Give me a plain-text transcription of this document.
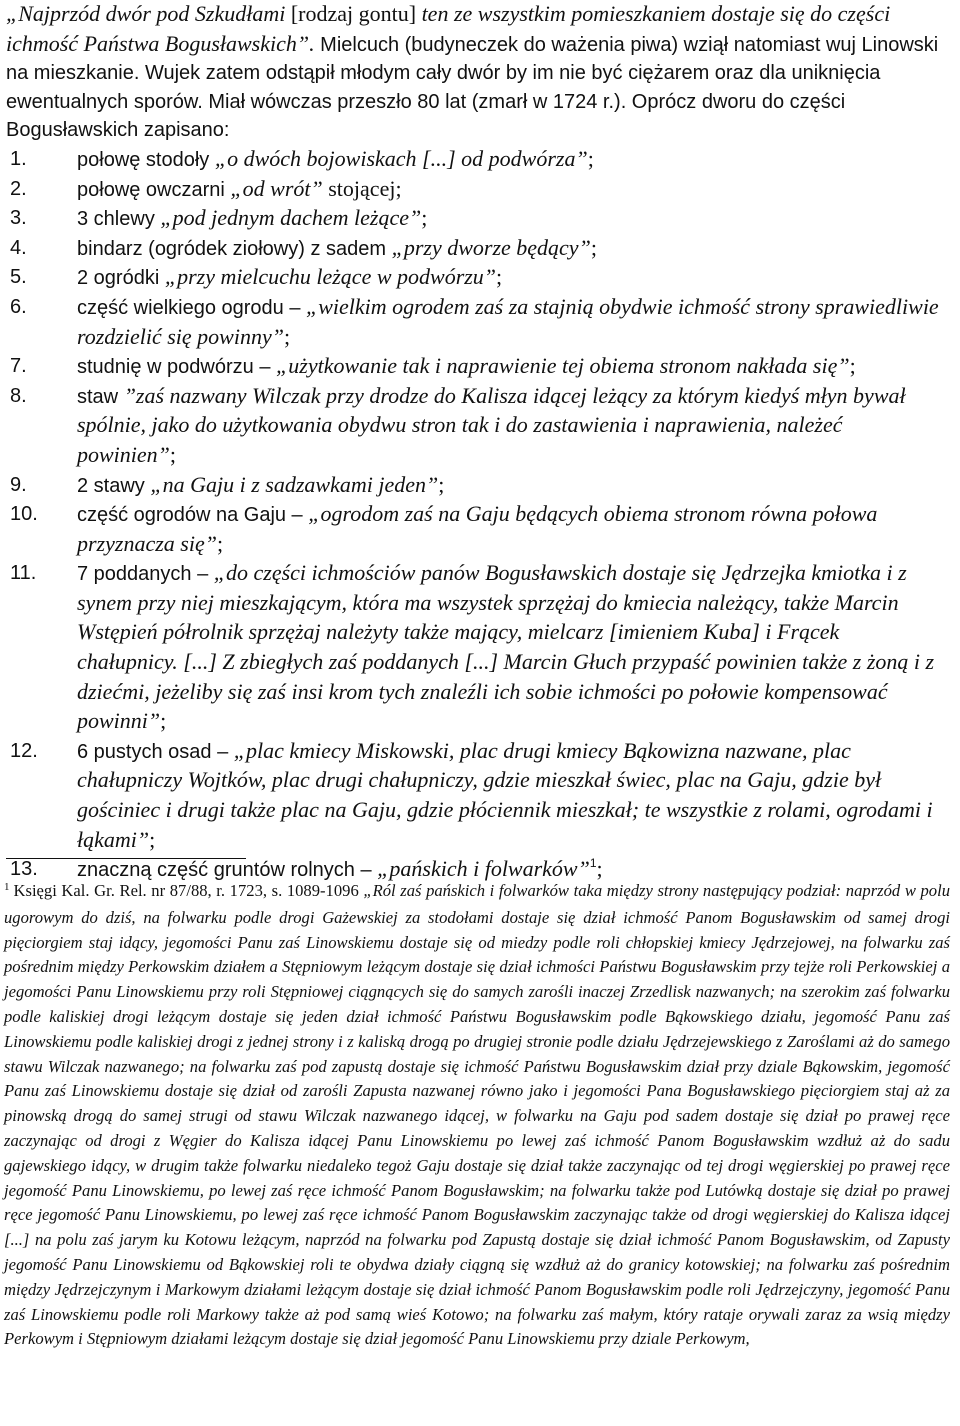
„Najprzód dwór pod Szkudłami [rodzaj gontu] ten ze wszystkim pomieszkaniem dostaje się do części ichmość Państwa Bogusławskich”. Mielcuch (budyneczek do ważenia piwa) wziął natomiast wuj Linowski na mieszkanie. Wujek zatem odstąpił młodym cały dwór by im nie być ciężarem oraz dla uniknięcia ewentualnych sporów. Miał wówczas przeszło 80 lat (zmarł w 1724 r.). Oprócz dworu do części Bogusławskich zapisano:

1.	połowę stodoły „o dwóch bojowiskach [...] od podwórza”;
2.	połowę owczarni „od wrót” stojącej;
3.	3 chlewy „pod jednym dachem leżące”;
4.	bindarz (ogródek ziołowy) z sadem „przy dworze będący”;
5.	2 ogródki „przy mielcuchu leżące w podwórzu”;
6.	część wielkiego ogrodu – „wielkim ogrodem zaś za stajnią obydwie ichmość strony sprawiedliwie rozdzielić się powinny”;
7.	studnię w podwórzu – „użytkowanie tak i naprawienie tej obiema stronom nakłada się”;
8.	staw ”zaś nazwany Wilczak przy drodze do Kalisza idącej leżący za którym kiedyś młyn bywał spólnie, jako do użytkowania obydwu stron tak i do zastawienia i naprawienia, należeć powinien”;
9.	2 stawy „na Gaju i z sadzawkami jeden”;
10. część ogrodów na Gaju – „ogrodom zaś na Gaju będących obiema stronom równa połowa przyznacza się”;
11. 7 poddanych – „do części ichmościów panów Bogusławskich dostaje się Jędrzejka kmiotka i z synem przy niej mieszkającym, która ma wszystek sprzężaj do kmiecia należący, także Marcin Wstępień półrolnik sprzężaj należyty także mający, mielcarz [imieniem Kuba] i Frącek chałupnicy. [...] Z zbiegłych zaś poddanych [...] Marcin Głuch przypaść powinien także z żoną i z dziećmi, jeżeliby się zaś insi krom tych znaleźli ich sobie ichmości po połowie kompensować powinni”;
12. 6 pustych osad – „plac kmiecy Miskowski, plac drugi kmiecy Bąkowizna nazwane, plac chałupniczy Wojtków, plac drugi chałupniczy, gdzie mieszkał świec, plac na Gaju, gdzie był gościniec i drugi także plac na Gaju, gdzie płóciennik mieszkał; te wszystkie z rolami, ogrodami i łąkami”;
13. znaczną część gruntów rolnych – „pańskich i folwarków”$^1$;

$^1$ Księgi Kal. Gr. Rel. nr 87/88, r. 1723, s. 1089-1096 „Ról zaś pańskich i folwarków taka między strony następujący podział: naprzód w polu ugorowym do dziś, na folwarku podle drogi Gażewskiej za stodołami dostaje się dział ichmość Panom Bogusławskim od samej drogi pięciorgiem staj idący, jegomości Panu zaś Linowskiemu dostaje się od miedzy podle roli chłopskiej kmiecy Jędrzejowej, na folwarku zaś pośrednim między Perkowskim działem a Stępniowym leżącym dostaje się dział ichmości Państwu Bogusławskim przy tejże roli Perkowskiej a jegomości Panu Linowskiemu przy roli Stępniowej ciągnących się do samych zarośli inaczej Zrzedlisk nazwanych; na szerokim zaś folwarku podle kaliskiej drogi leżącym dostaje się jeden dział ichmość Państwu Bogusławskim podle Bąkowskiego działu, jegomość Panu zaś Linowskiemu podle kaliskiej drogi z jednej strony i z kaliską drogą po drugiej stronie podle działu Jędrzejewskiego z Zaroślami aż do samego stawu Wilczak nazwanego; na folwarku zaś pod zapustą dostaje się ichmość Państwu Bogusławskim dział przy dziale Bąkowskim, jegomość Panu zaś Linowskiemu dostaje się dział od zarośli Zapusta nazwanej równo jako i jegomości Pana Bogusławskiego pięciorgiem staj aż za pinowską drogą do samej strugi od stawu Wilczak nazwanego idącej, w folwarku na Gaju pod sadem dostaje się dział po prawej ręce zaczynając od drogi z Węgier do Kalisza idącej Panu Linowskiemu po lewej zaś ichmość Panom Bogusławskim wzdłuż aż do sadu gajewskiego idący, w drugim także folwarku niedaleko tegoż Gaju dostaje się dział także zaczynając od tej drogi węgierskiej po prawej ręce jegomość Panu Linowskiemu, po lewej zaś ręce ichmość Panom Bogusławskim; na folwarku także pod Lutówką dostaje się dział po prawej ręce jegomość Panu Linowskiemu, po lewej zaś ręce ichmość Panom Bogusławskim zaczynając także od drogi węgierskiej do Kalisza idącej [...] na polu zaś jarym ku Kotowu leżącym, naprzód na folwarku pod Zapustą dostaje się dział ichmość Panom Bogusławskim, od Zapusty jegomość Panu Linowskiemu od Bąkowskiej roli te obydwa działy ciągną się wzdłuż aż do granicy kotowskiej; na folwarku zaś pośrednim między Jędrzejczynym i Markowym działami leżącym dostaje się dział ichmość Panom Bogusławskim podle roli Jędrzejczyny, jegomość Panu zaś Linowskiemu podle roli Markowy także aż pod samą wieś Kotowo; na folwarku zaś małym, który rataje orywali zaraz za wsią między Perkowym i Stępniowym działami leżącym dostaje się dział jegomość Panu Linowskiemu przy dziale Perkowym,
